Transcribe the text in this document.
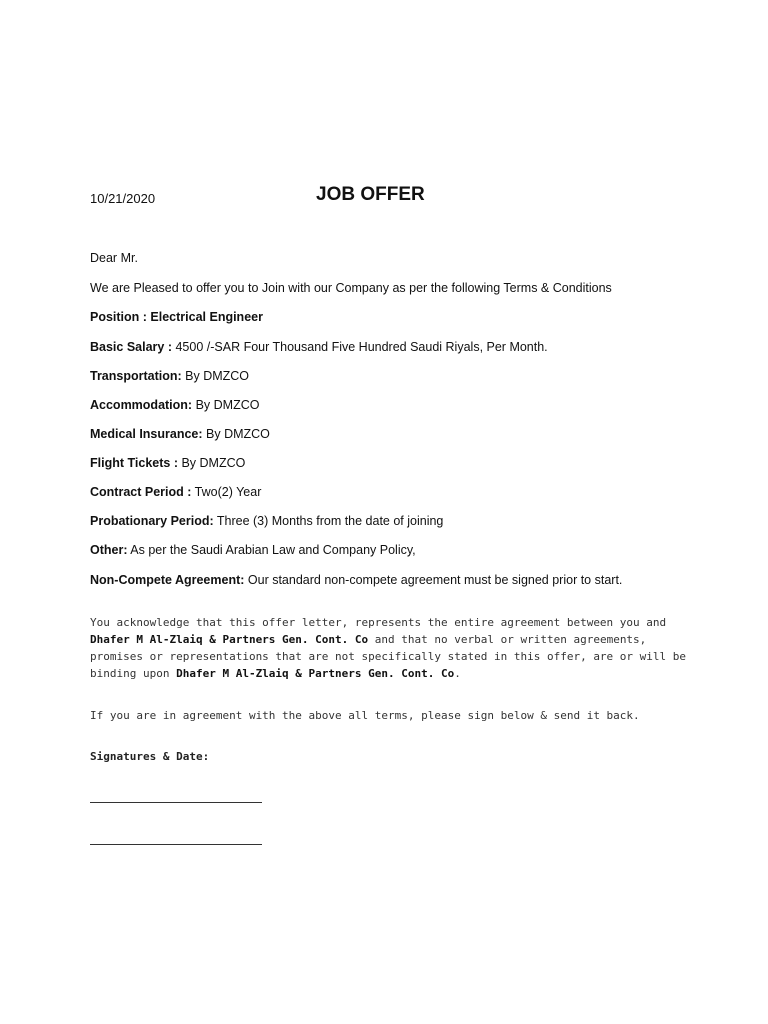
10/21/2020	JOB OFFER
Dear Mr.
We are Pleased to offer you to Join with our Company as per the following Terms & Conditions
Position : Electrical Engineer
Basic Salary : 4500 /-SAR Four Thousand Five Hundred Saudi Riyals, Per Month.
Transportation: By DMZCO
Accommodation: By DMZCO
Medical Insurance: By DMZCO
Flight Tickets : By DMZCO
Contract Period : Two(2) Year
Probationary Period: Three (3) Months from the date of joining
Other: As per the Saudi Arabian Law and Company Policy,
Non-Compete Agreement: Our standard non-compete agreement must be signed prior to start.
You acknowledge that this offer letter, represents the entire agreement between you and Dhafer M Al-Zlaiq & Partners Gen. Cont. Co and that no verbal or written agreements, promises or representations that are not specifically stated in this offer, are or will be binding upon Dhafer M Al-Zlaiq & Partners Gen. Cont. Co.
If you are in agreement with the above all terms, please sign below & send it back.
Signatures & Date:
